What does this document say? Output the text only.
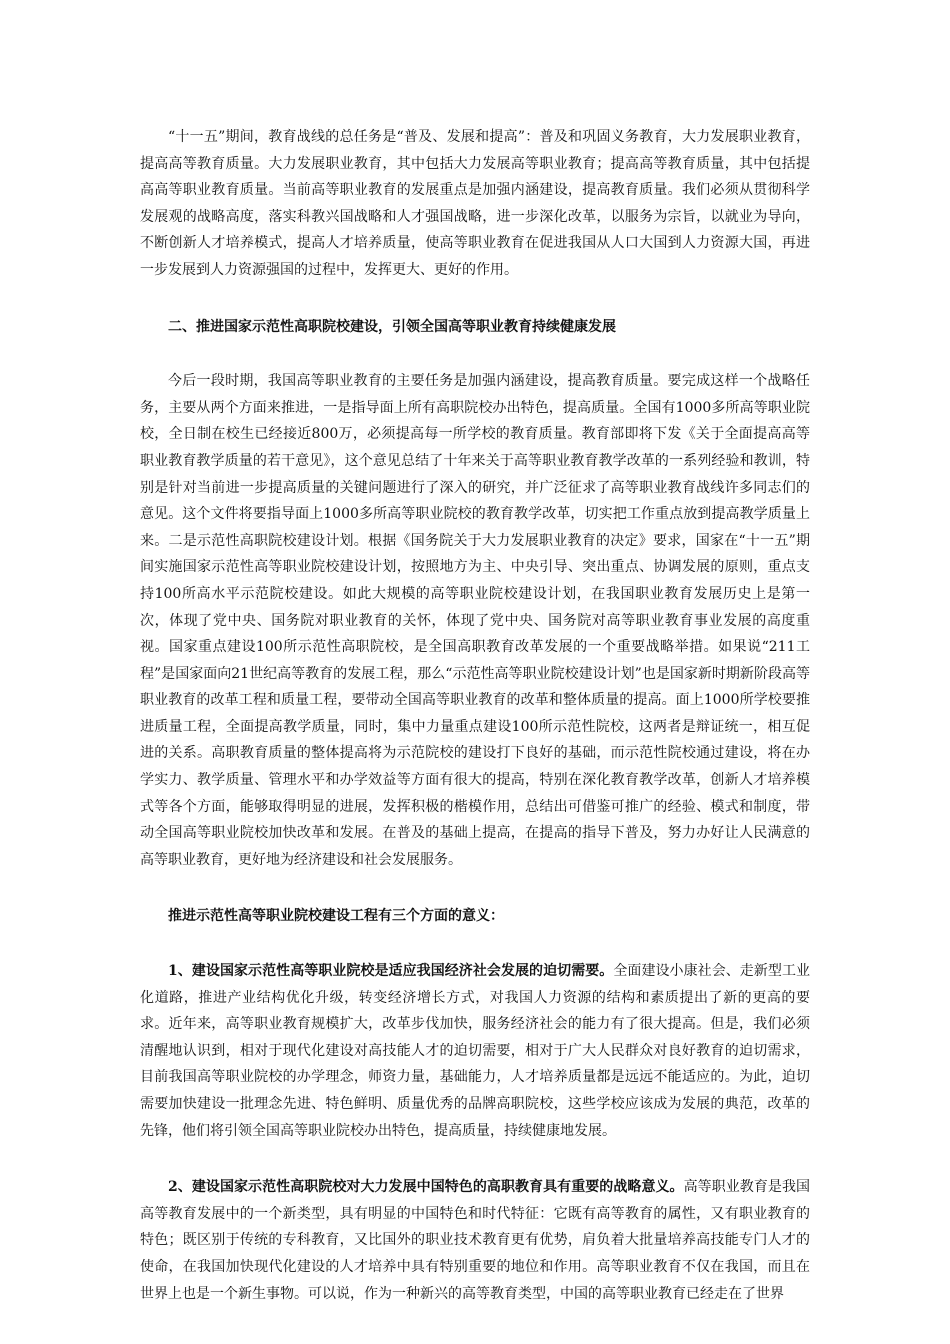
“十一五”期间，教育战线的总任务是“普及、发展和提高”：普及和巩固义务教育，大力发展职业教育，提高高等教育质量。大力发展职业教育，其中包括大力发展高等职业教育；提高高等教育质量，其中包括提高高等职业教育质量。当前高等职业教育的发展重点是加强内涵建设，提高教育质量。我们必须从贯彻科学发展观的战略高度，落实科教兴国战略和人才强国战略，进一步深化改革，以服务为宗旨，以就业为导向，不断创新人才培养模式，提高人才培养质量，使高等职业教育在促进我国从人口大国到人力资源大国，再进一步发展到人力资源强国的过程中，发挥更大、更好的作用。

二、推进国家示范性高职院校建设，引领全国高等职业教育持续健康发展

今后一段时期，我国高等职业教育的主要任务是加强内涵建设，提高教育质量。要完成这样一个战略任务，主要从两个方面来推进，一是指导面上所有高职院校办出特色，提高质量。全国有1000多所高等职业院校，全日制在校生已经接近800万，必须提高每一所学校的教育质量。教育部即将下发《关于全面提高高等职业教育教学质量的若干意见》，这个意见总结了十年来关于高等职业教育教学改革的一系列经验和教训，特别是针对当前进一步提高质量的关键问题进行了深入的研究，并广泛征求了高等职业教育战线许多同志们的意见。这个文件将要指导面上1000多所高等职业院校的教育教学改革，切实把工作重点放到提高教学质量上来。二是示范性高职院校建设计划。根据《国务院关于大力发展职业教育的决定》要求，国家在“十一五”期间实施国家示范性高等职业院校建设计划，按照地方为主、中央引导、突出重点、协调发展的原则，重点支持100所高水平示范院校建设。如此大规模的高等职业院校建设计划，在我国职业教育发展历史上是第一次，体现了党中央、国务院对职业教育的关怀，体现了党中央、国务院对高等职业教育事业发展的高度重视。国家重点建设100所示范性高职院校，是全国高职教育改革发展的一个重要战略举措。如果说“211工程”是国家面向21世纪高等教育的发展工程，那么“示范性高等职业院校建设计划”也是国家新时期新阶段高等职业教育的改革工程和质量工程，要带动全国高等职业教育的改革和整体质量的提高。面上1000所学校要推进质量工程，全面提高教学质量，同时，集中力量重点建设100所示范性院校，这两者是辩证统一，相互促进的关系。高职教育质量的整体提高将为示范院校的建设打下良好的基础，而示范性院校通过建设，将在办学实力、教学质量、管理水平和办学效益等方面有很大的提高，特别在深化教育教学改革，创新人才培养模式等各个方面，能够取得明显的进展，发挥积极的楷模作用，总结出可借鉴可推广的经验、模式和制度，带动全国高等职业院校加快改革和发展。在普及的基础上提高，在提高的指导下普及，努力办好让人民满意的高等职业教育，更好地为经济建设和社会发展服务。

推进示范性高等职业院校建设工程有三个方面的意义：

1、建设国家示范性高等职业院校是适应我国经济社会发展的迫切需要。全面建设小康社会、走新型工业化道路，推进产业结构优化升级，转变经济增长方式，对我国人力资源的结构和素质提出了新的更高的要求。近年来，高等职业教育规模扩大，改革步伐加快，服务经济社会的能力有了很大提高。但是，我们必须清醒地认识到，相对于现代化建设对高技能人才的迫切需要，相对于广大人民群众对良好教育的迫切需求，目前我国高等职业院校的办学理念，师资力量，基础能力，人才培养质量都是远远不能适应的。为此，迫切需要加快建设一批理念先进、特色鲜明、质量优秀的品牌高职院校，这些学校应该成为发展的典范，改革的先锋，他们将引领全国高等职业院校办出特色，提高质量，持续健康地发展。

2、建设国家示范性高职院校对大力发展中国特色的高职教育具有重要的战略意义。高等职业教育是我国高等教育发展中的一个新类型，具有明显的中国特色和时代特征：它既有高等教育的属性，又有职业教育的特色；既区别于传统的专科教育，又比国外的职业技术教育更有优势，肩负着大批量培养高技能专门人才的使命，在我国加快现代化建设的人才培养中具有特别重要的地位和作用。高等职业教育不仅在我国，而且在世界上也是一个新生事物。可以说，作为一种新兴的高等教育类型，中国的高等职业教育已经走在了世界
